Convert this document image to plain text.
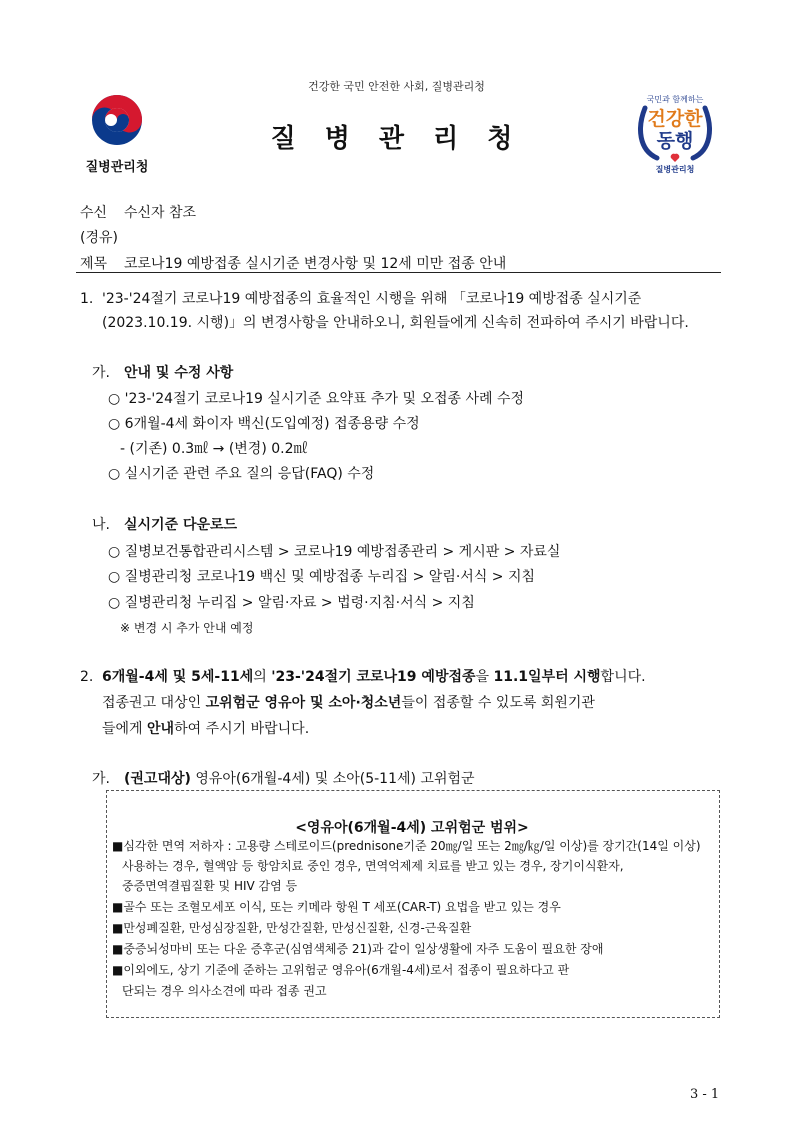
건강한 국민 안전한 사회, 질병관리청
질병관리청
질 병 관 리 청
국민과 함께하는
건강한
동행
질병관리청
수신 수신자 참조
(경유)
제목 코로나19 예방접종 실시기준 변경사항 및 12세 미만 접종 안내
1. '23-'24절기 코로나19 예방접종의 효율적인 시행을 위해 「코로나19 예방접종 실시기준
(2023.10.19. 시행)」의 변경사항을 안내하오니, 회원들에게 신속히 전파하여 주시기 바랍니다.
가. 안내 및 수정 사항
○ '23-'24절기 코로나19 실시기준 요약표 추가 및 오접종 사례 수정
○ 6개월-4세 화이자 백신(도입예정) 접종용량 수정
- (기존) 0.3㎖ → (변경) 0.2㎖
○ 실시기준 관련 주요 질의 응답(FAQ) 수정
나. 실시기준 다운로드
○ 질병보건통합관리시스템 > 코로나19 예방접종관리 > 게시판 > 자료실
○ 질병관리청 코로나19 백신 및 예방접종 누리집 > 알림·서식 > 지침
○ 질병관리청 누리집 > 알림·자료 > 법령·지침·서식 > 지침
※ 변경 시 추가 안내 예정
2. 6개월-4세 및 5세-11세의 '23-'24절기 코로나19 예방접종을 11.1일부터 시행합니다.
접종권고 대상인 고위험군 영유아 및 소아·청소년들이 접종할 수 있도록 회원기관
들에게 안내하여 주시기 바랍니다.
가. (권고대상) 영유아(6개월-4세) 및 소아(5-11세) 고위험군
<영유아(6개월-4세) 고위험군 범위>
■심각한 면역 저하자 : 고용량 스테로이드(prednisone기준 20㎎/일 또는 2㎎/㎏/일 이상)를 장기간(14일 이상)
사용하는 경우, 혈액암 등 항암치료 중인 경우, 면역억제제 치료를 받고 있는 경우, 장기이식환자,
중증면역결핍질환 및 HIV 감염 등
■골수 또는 조혈모세포 이식, 또는 키메라 항원 T 세포(CAR-T) 요법을 받고 있는 경우
■만성폐질환, 만성심장질환, 만성간질환, 만성신질환, 신경-근육질환
■중증뇌성마비 또는 다운 증후군(심염색체증 21)과 같이 일상생활에 자주 도움이 필요한 장애
■이외에도, 상기 기준에 준하는 고위험군 영유아(6개월-4세)로서 접종이 필요하다고 판
단되는 경우 의사소견에 따라 접종 권고
3 - 1
